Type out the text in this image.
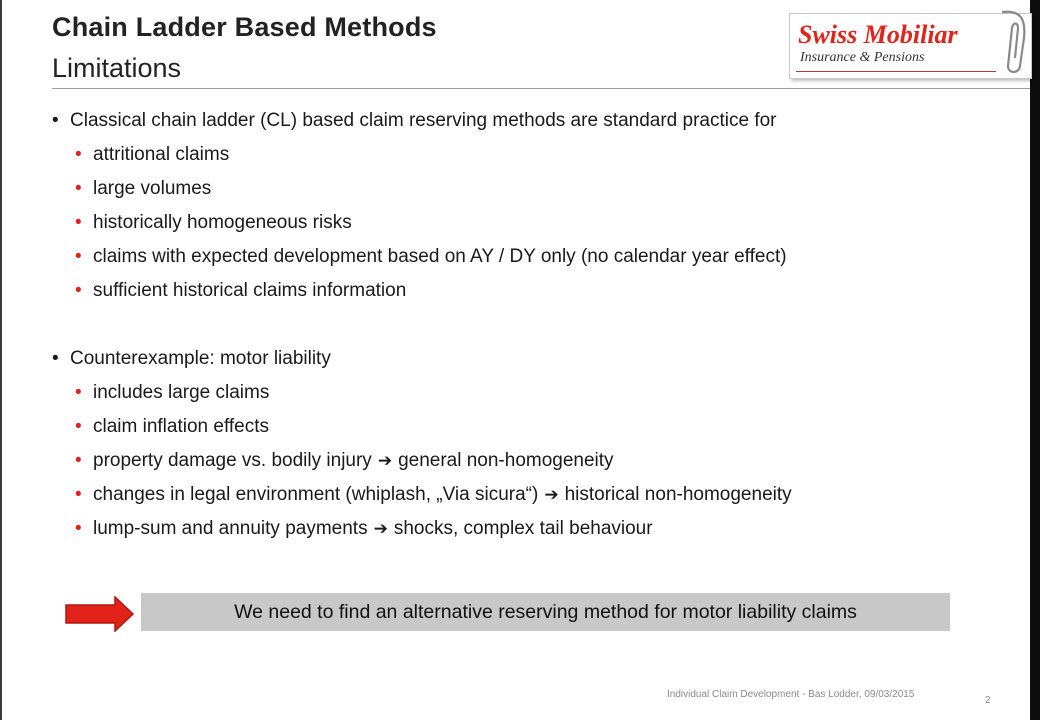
Chain Ladder Based Methods
Limitations
Swiss Mobiliar
Insurance & Pensions
• Classical chain ladder (CL) based claim reserving methods are standard practice for
• attritional claims
• large volumes
• historically homogeneous risks
• claims with expected development based on AY / DY only (no calendar year effect)
• sufficient historical claims information
• Counterexample: motor liability
• includes large claims
• claim inflation effects
• property damage vs. bodily injury ➔ general non-homogeneity
• changes in legal environment (whiplash, „Via sicura“) ➔ historical non-homogeneity
• lump-sum and annuity payments ➔ shocks, complex tail behaviour
We need to find an alternative reserving method for motor liability claims
Individual Claim Development - Bas Lodder, 09/03/2015
2
